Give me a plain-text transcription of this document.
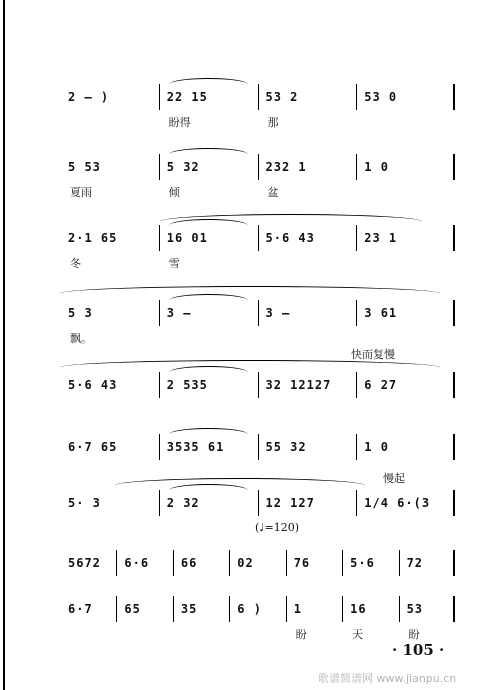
快而复慢
慢起
(♩=120)
· 105 ·
歌谱简谱网 www.jianpu.cn
2 – )	22 15
盼得
53 2
那
53 0
5 53
夏雨
5 32
倾
232 1
盆
1 0
2·1 65
冬
16 01
雪
5·6 43	23 1
5 3
飘。
3 –	3 –	3 61
5·6 43	2 535	32 12127	6 27
6·7 65	3535 61	55 32	1 0
5· 3	2 32	12 127	1/4 6·(3
5672 6·6	66	02	76	5·6	72
6·7	65	35	6 )	1
盼
16
天
53
盼
